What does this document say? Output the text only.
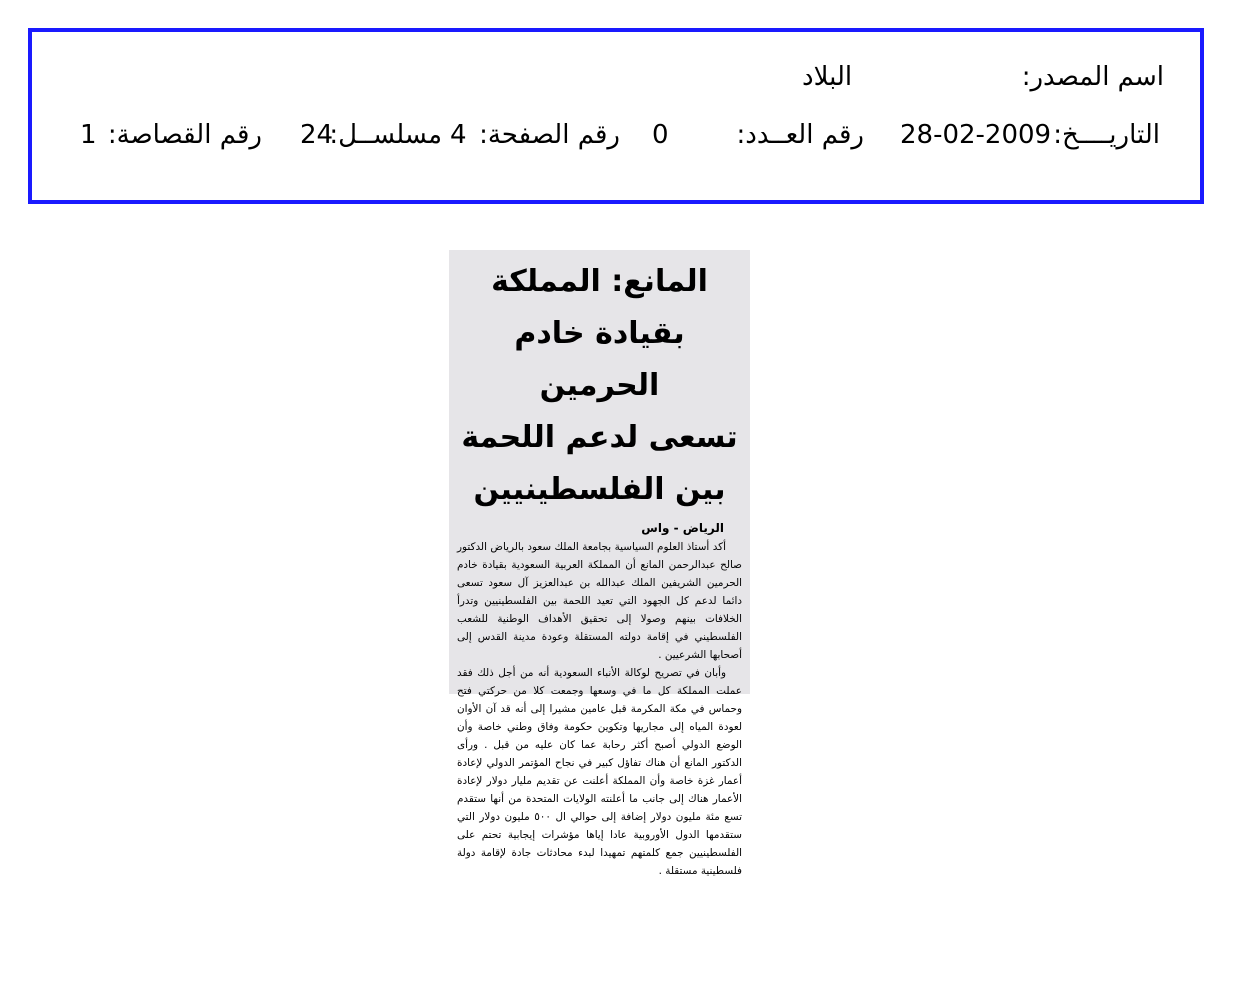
اسم المصدر:
البلاد
التاريــــخ:
28-02-2009
رقم العــدد:
0
رقم الصفحة:
4
مسلســل:
24
رقم القصاصة:
1
المانع: المملكة بقيادة خادم الحرمين
تسعى لدعم اللحمة بين الفلسطينيين
الرياض - واس

أكد أستاذ العلوم السياسية بجامعة الملك سعود بالرياض الدكتور صالح عبدالرحمن المانع أن المملكة العربية السعودية بقيادة خادم الحرمين الشريفين الملك عبدالله بن عبدالعزيز آل سعود تسعى دائما لدعم كل الجهود التي تعيد اللحمة بين الفلسطينيين وتدرأ الخلافات بينهم وصولا إلى تحقيق الأهداف الوطنية للشعب الفلسطيني في إقامة دولته المستقلة وعودة مدينة القدس إلى أصحابها الشرعيين .

وأبان في تصريح لوكالة الأنباء السعودية أنه من أجل ذلك فقد عملت المملكة كل ما في وسعها وجمعت كلا من حركتي فتح وحماس في مكة المكرمة قبل عامين مشيرا إلى أنه قد آن الأوان لعودة المياه إلى مجاريها وتكوين حكومة وفاق وطني خاصة وأن الوضع الدولي أصبح أكثر رحابة عما كان عليه من قبل . ورأى الدكتور المانع أن هناك تفاؤل كبير في نجاح المؤتمر الدولي لإعادة أعمار غزة خاصة وأن المملكة أعلنت عن تقديم مليار دولار لإعادة الأعمار هناك إلى جانب ما أعلنته الولايات المتحدة من أنها ستقدم تسع مئة مليون دولار إضافة إلى حوالي ال ٥٠٠ مليون دولار التي ستقدمها الدول الأوروبية عادا إياها مؤشرات إيجابية تحتم على الفلسطينيين جمع كلمتهم تمهيدا لبدء محادثات جادة لإقامة دولة فلسطينية مستقلة .
